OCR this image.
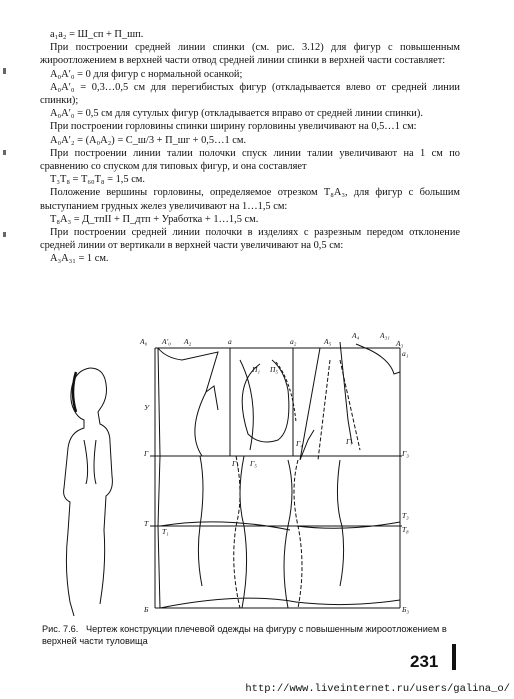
a₁a₂ = Ш_сп + П_шп.

При построении средней линии спинки (см. рис. 3.12) для фигур с повышенным жироотложением в верхней части отвод средней линии спинки в верхней части составляет:

А₀А′₀ = 0 для фигур с нормальной осанкой;

А₀А′₀ = 0,3…0,5 см для перегибистых фигур (откладывается влево от средней линии спинки);

А₀А′₀ = 0,5 см для сутулых фигур (откладывается вправо от средней линии спинки).

При построении горловины спинки ширину горловины увеличивают на 0,5…1 см:

А₀А′₂ = (А₀А₂) = С_ш/3 + П_шг + 0,5…1 см.

При построении линии талии полочки спуск линии талии увеличивают на 1 см по сравнению со спуском для типовых фигур, и она составляет

Т₃Т₈ = Т₆₀Т₈ = 1,5 см.

Положение вершины горловины, определяемое отрезком Т₈А₃, для фигур с большим выступанием грудных желез увеличивают на 1…1,5 см:

Т₈А₃ = Д_тпII + П_дтп + Уработка + 1…1,5 см.

При построении средней линии полочки в изделиях с разрезным передом отклонение средней линии от вертикали в верхней части увеличивают на 0,5 см:

А₃А₃₁ = 1 см.

А₀ А′₀ А₂	а	а₂	А₅
А₄	А₃₁
А₃
а₁
П₁ П₅
Г₄	Г₇
У
Г
Г₁ Г₅
Г₃
Т
Т₁
Т₃
Т₈
Б	Б₃
Рис. 7.6. Чертеж конструкции плечевой одежды на фигуру с повышенным жироотложением в верхней части туловища
231
http://www.liveinternet.ru/users/galina_o/
